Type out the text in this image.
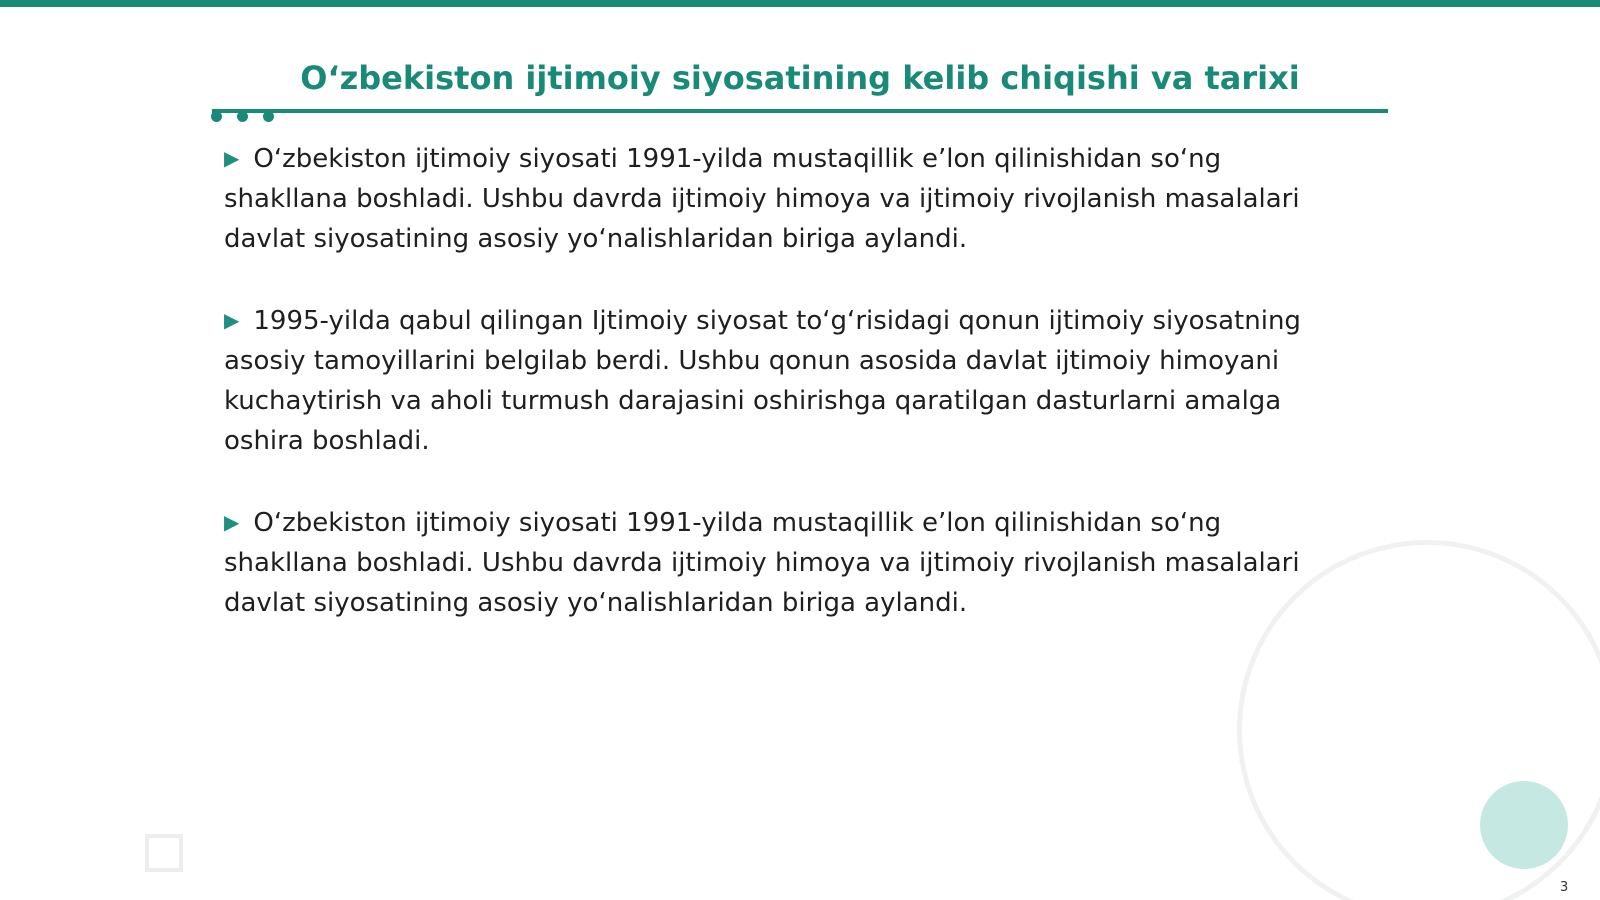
O‘zbekiston ijtimoiy siyosatining kelib chiqishi va tarixi

▶ O‘zbekiston ijtimoiy siyosati 1991-yilda mustaqillik e’lon qilinishidan so‘ng
shakllana boshladi. Ushbu davrda ijtimoiy himoya va ijtimoiy rivojlanish masalalari
davlat siyosatining asosiy yo‘nalishlaridan biriga aylandi.

▶ 1995-yilda qabul qilingan Ijtimoiy siyosat to‘g‘risidagi qonun ijtimoiy siyosatning
asosiy tamoyillarini belgilab berdi. Ushbu qonun asosida davlat ijtimoiy himoyani
kuchaytirish va aholi turmush darajasini oshirishga qaratilgan dasturlarni amalga
oshira boshladi.

▶ O‘zbekiston ijtimoiy siyosati 1991-yilda mustaqillik e’lon qilinishidan so‘ng
shakllana boshladi. Ushbu davrda ijtimoiy himoya va ijtimoiy rivojlanish masalalari
davlat siyosatining asosiy yo‘nalishlaridan biriga aylandi.

3
